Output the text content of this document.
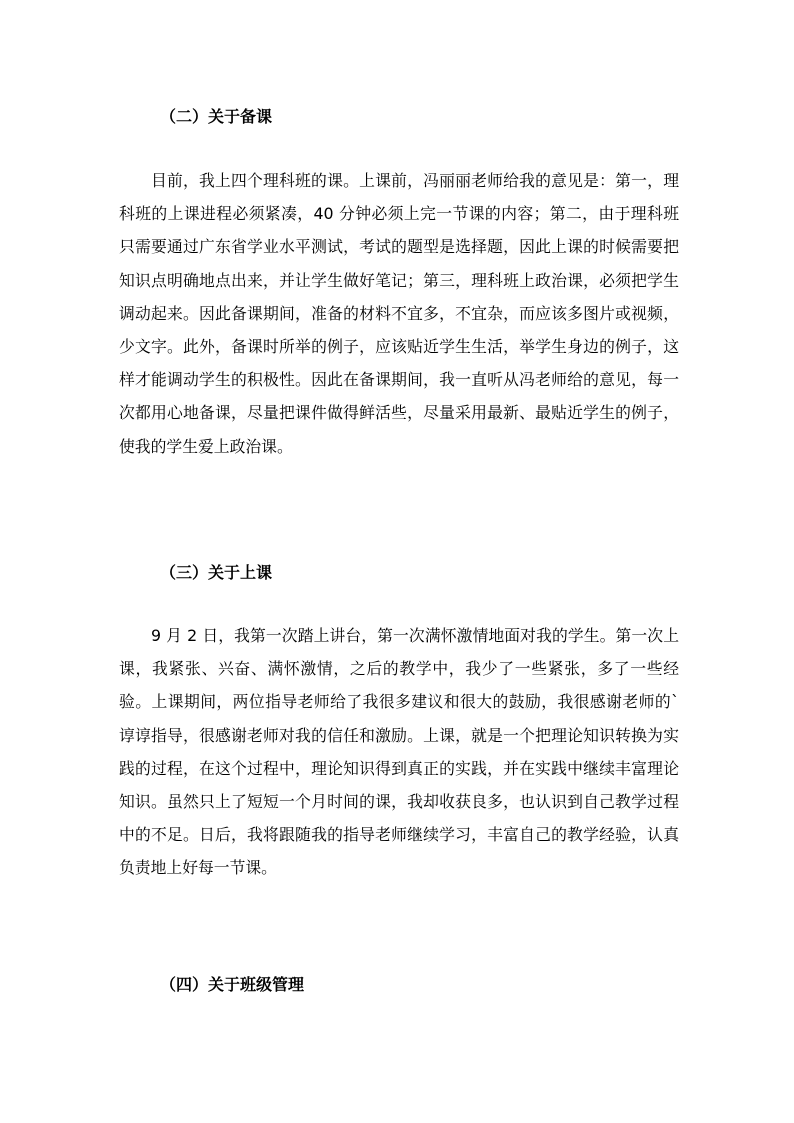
（二）关于备课

目前，我上四个理科班的课。上课前，冯丽丽老师给我的意见是：第一，理科班的上课进程必须紧凑，40 分钟必须上完一节课的内容；第二，由于理科班只需要通过广东省学业水平测试，考试的题型是选择题，因此上课的时候需要把知识点明确地点出来，并让学生做好笔记；第三，理科班上政治课，必须把学生调动起来。因此备课期间，准备的材料不宜多，不宜杂，而应该多图片或视频，少文字。此外，备课时所举的例子，应该贴近学生生活，举学生身边的例子，这样才能调动学生的积极性。因此在备课期间，我一直听从冯老师给的意见，每一次都用心地备课，尽量把课件做得鲜活些，尽量采用最新、最贴近学生的例子，使我的学生爱上政治课。

（三）关于上课

9 月 2 日，我第一次踏上讲台，第一次满怀激情地面对我的学生。第一次上课，我紧张、兴奋、满怀激情，之后的教学中，我少了一些紧张，多了一些经验。上课期间，两位指导老师给了我很多建议和很大的鼓励，我很感谢老师的`谆谆指导，很感谢老师对我的信任和激励。上课，就是一个把理论知识转换为实践的过程，在这个过程中，理论知识得到真正的实践，并在实践中继续丰富理论知识。虽然只上了短短一个月时间的课，我却收获良多，也认识到自己教学过程中的不足。日后，我将跟随我的指导老师继续学习，丰富自己的教学经验，认真负责地上好每一节课。

（四）关于班级管理
